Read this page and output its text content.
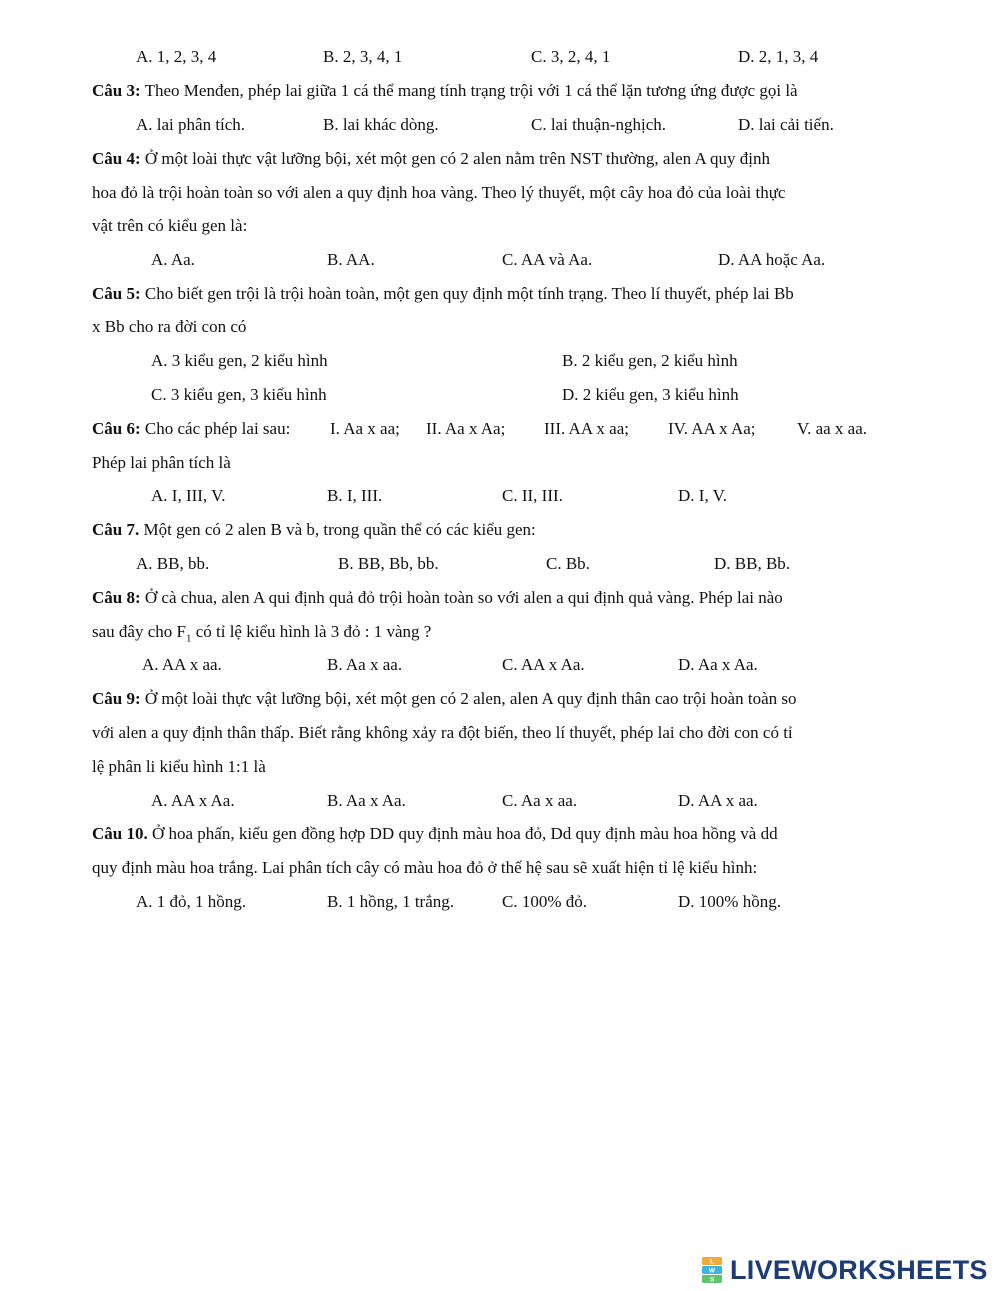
A. 1, 2, 3, 4	B. 2, 3, 4, 1	C. 3, 2, 4, 1	D. 2, 1, 3, 4
Câu 3: Theo Menđen, phép lai giữa 1 cá thể mang tính trạng trội với 1 cá thể lặn tương ứng được gọi là
A. lai phân tích.	B. lai khác dòng.	C. lai thuận-nghịch.	D. lai cải tiến.
Câu 4: Ở một loài thực vật lưỡng bội, xét một gen có 2 alen nằm trên NST thường, alen A quy định
hoa đỏ là trội hoàn toàn so với alen a quy định hoa vàng. Theo lý thuyết, một cây hoa đỏ của loài thực
vật trên có kiểu gen là:
A. Aa.	B. AA.	C. AA và Aa.	D. AA hoặc Aa.
Câu 5: Cho biết gen trội là trội hoàn toàn, một gen quy định một tính trạng. Theo lí thuyết, phép lai Bb
x Bb cho ra đời con có
A. 3 kiểu gen, 2 kiểu hình	B. 2 kiểu gen, 2 kiểu hình
C. 3 kiểu gen, 3 kiểu hình	D. 2 kiểu gen, 3 kiểu hình
Câu 6: Cho các phép lai sau: I. Aa x aa; II. Aa x Aa; III. AA x aa; IV. AA x Aa; V. aa x aa.
Phép lai phân tích là
A. I, III, V.	B. I, III.	C. II, III.	D. I, V.
Câu 7. Một gen có 2 alen B và b, trong quần thể có các kiểu gen:
A. BB, bb.	B. BB, Bb, bb.	C. Bb.	D. BB, Bb.
Câu 8: Ở cà chua, alen A qui định quả đỏ trội hoàn toàn so với alen a qui định quả vàng. Phép lai nào
sau đây cho $F_1$ có tỉ lệ kiểu hình là 3 đỏ : 1 vàng ?
A. AA x aa.	B. Aa x aa.	C. AA x Aa.	D. Aa x Aa.
Câu 9: Ở một loài thực vật lưỡng bội, xét một gen có 2 alen, alen A quy định thân cao trội hoàn toàn so
với alen a quy định thân thấp. Biết rằng không xảy ra đột biến, theo lí thuyết, phép lai cho đời con có tỉ
lệ phân li kiểu hình 1:1 là
A. AA x Aa.	B. Aa x Aa.	C. Aa x aa.	D. AA x aa.
Câu 10. Ở hoa phấn, kiểu gen đồng hợp DD quy định màu hoa đỏ, Dd quy định màu hoa hồng và dd
quy định màu hoa trắng. Lai phân tích cây có màu hoa đỏ ở thế hệ sau sẽ xuất hiện tỉ lệ kiểu hình:
A. 1 đỏ, 1 hồng.	B. 1 hồng, 1 trắng.	C. 100% đỏ.	D. 100% hồng.
L
W
S LIVEWORKSHEETS
